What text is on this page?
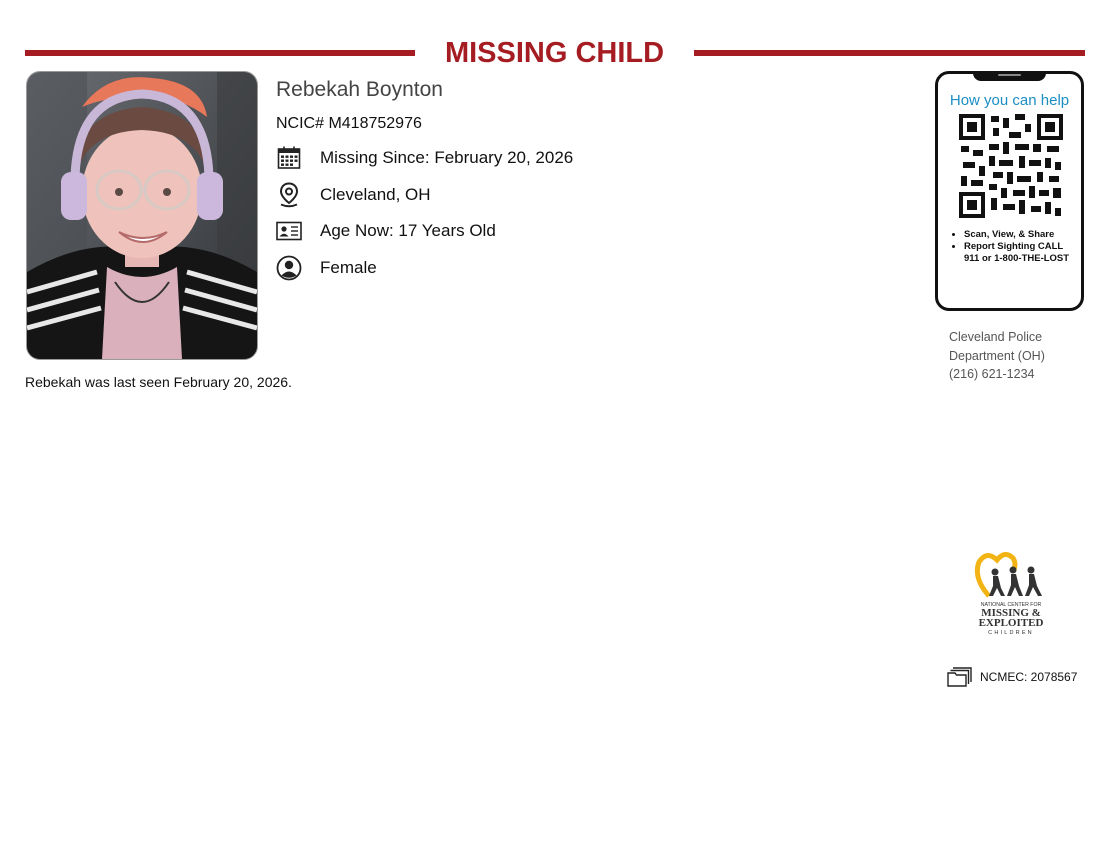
MISSING CHILD
Rebekah Boynton
NCIC# M418752976
Missing Since: February 20, 2026
Cleveland, OH
Age Now: 17 Years Old
Female
Rebekah was last seen February 20, 2026.
How you can help
• Scan, View, & Share
• Report Sighting CALL 911 or 1-800-THE-LOST
Cleveland Police
Department (OH)
(216) 621-1234
NATIONAL CENTER FOR
MISSING &
EXPLOITED
CHILDREN
NCMEC: 2078567
